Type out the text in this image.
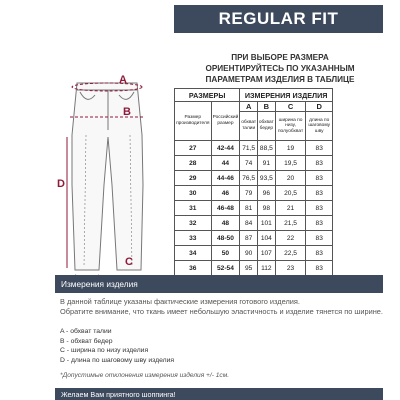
REGULAR FIT
ПРИ ВЫБОРЕ РАЗМЕРА
ОРИЕНТИРУЙТЕСЬ ПО УКАЗАННЫМ
ПАРАМЕТРАМ ИЗДЕЛИЯ В ТАБЛИЦЕ
A
B
D
C
РАЗМЕРЫ		ИЗМЕРЕНИЯ ИЗДЕЛИЯ			
Размер производителя	Российский размер	A	B	C	D
		обхват талии	обхват бедер	ширина по низу, полуобхват	длина по шаговому шву
27	42-44	71,5	88,5	19	83
28	44	74	91	19,5	83
29	44-46	76,5	93,5	20	83
30	46	79	96	20,5	83
31	46-48	81	98	21	83
32	48	84	101	21,5	83
33	48-50	87	104	22	83
34	50	90	107	22,5	83
36	52-54	95	112	23	83
Измерения изделия
В данной таблице указаны фактические измерения готового изделия.
Обратите внимание, что ткань имеет небольшую эластичность и изделие тянется по ширине.
A - обхват талии
B - обхват бедер
C - ширина по низу изделия
D - длина по шаговому шву изделия
*Допустимые отклонения измерения изделия +/- 1см.
Желаем Вам приятного шоппинга!
